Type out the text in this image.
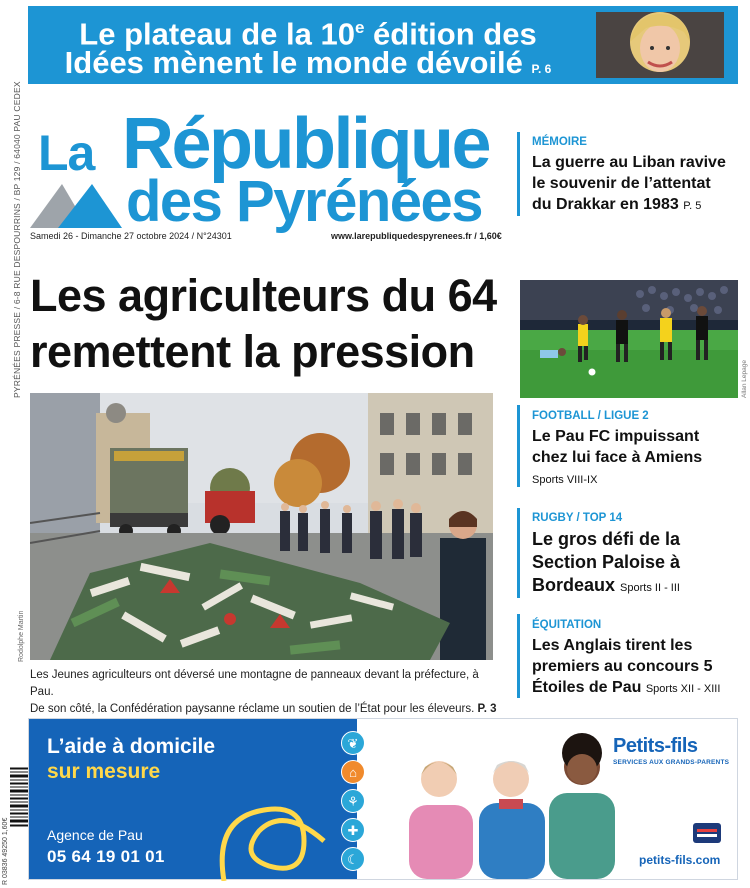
Le plateau de la 10e édition des
Idées mènent le monde dévoilé P. 6
PYRÉNÉES PRESSE / 6-8 RUE DESPOURRINS / BP 129 / 64040 PAU CEDEX
R 03836 49250 1,60€
La République
des Pyrénées
Samedi 26 - Dimanche 27 octobre 2024 / N°24301	www.larepubliquedespyrenees.fr / 1,60€
MÉMOIRE
La guerre au Liban ravive le souvenir de l’attentat du Drakkar en 1983 P. 5
Allan Lepage
FOOTBALL / LIGUE 2
Le Pau FC impuissant chez lui face à Amiens
Sports VIII-IX
RUGBY / TOP 14
Le gros défi de la Section Paloise à Bordeaux Sports II - III
ÉQUITATION
Les Anglais tirent les premiers au concours 5 Étoiles de Pau Sports XII - XIII
Les agriculteurs du 64
remettent la pression
Rodolphe Martin
Les Jeunes agriculteurs ont déversé une montagne de panneaux devant la préfecture, à Pau.
De son côté, la Confédération paysanne réclame un soutien de l’État pour les éleveurs. P. 3
L’aide à domicile
sur mesure
Agence de Pau
05 64 19 01 01
❦
⌂
⚘
✚
☾
Petits-fils
SERVICES AUX GRANDS-PARENTS
petits-fils.com
